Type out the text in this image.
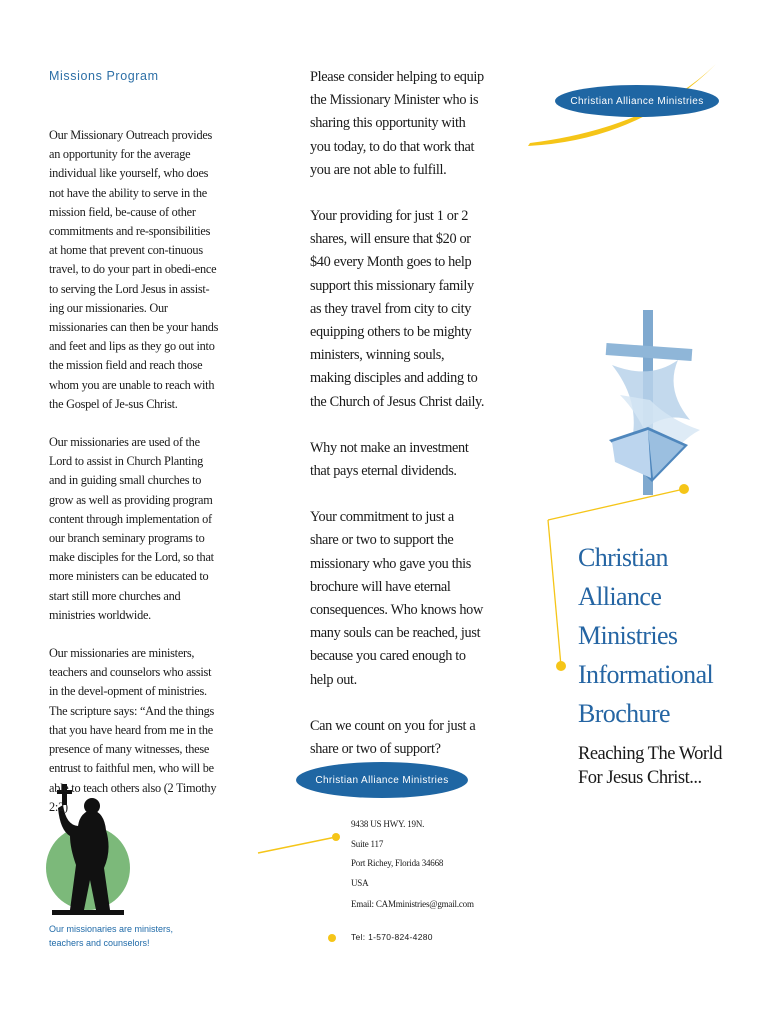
Missions Program

Our Missionary Outreach provides an opportunity for the average individual like yourself, who does not have the ability to serve in the mission field, be-cause of other commitments and re-sponsibilities at home that prevent con-tinuous travel, to do your part in obedi-ence to serving the Lord Jesus in assist-ing our missionaries. Our missionaries can then be your hands and feet and lips as they go out into the mission field and reach those whom you are unable to reach with the Gospel of Je-sus Christ.

Our missionaries are used of the Lord to assist in Church Planting and in guiding small churches to grow as well as providing program content through implementation of our branch seminary programs to make disciples for the Lord, so that more ministers can be educated to start still more churches and ministries worldwide.

Our missionaries are ministers, teachers and counselors who assist in the devel-opment of ministries. The scripture says: “And the things that you have heard from me in the presence of many witnesses, these entrust to faithful men, who will be able to teach others also (2 Timothy 2:2)

Our missionaries are ministers, teachers and counselors!

Please consider helping to equip the Missionary Minister who is sharing this opportunity with you today, to do that work that you are not able to fulfill.

Your providing for just 1 or 2 shares, will ensure that $20 or $40 every Month goes to help support this missionary family as they travel from city to city equipping others to be mighty ministers, winning souls, making disciples and adding to the Church of Jesus Christ daily.

Why not make an investment that pays eternal dividends.

Your commitment to just a share or two to support the missionary who gave you this brochure will have eternal consequences. Who knows how many souls can be reached, just because you cared enough to help out.

Can we count on you for just a share or two of support?

Christian Alliance Ministries
9438 US HWY. 19N.
Suite 117
Port Richey, Florida 34668
USA
Email: CAMministries@gmail.com
Tel: 1-570-824-4280
Christian Alliance Ministries
Christian
Alliance
Ministries
Informational
Brochure
Reaching The World For Jesus Christ...
